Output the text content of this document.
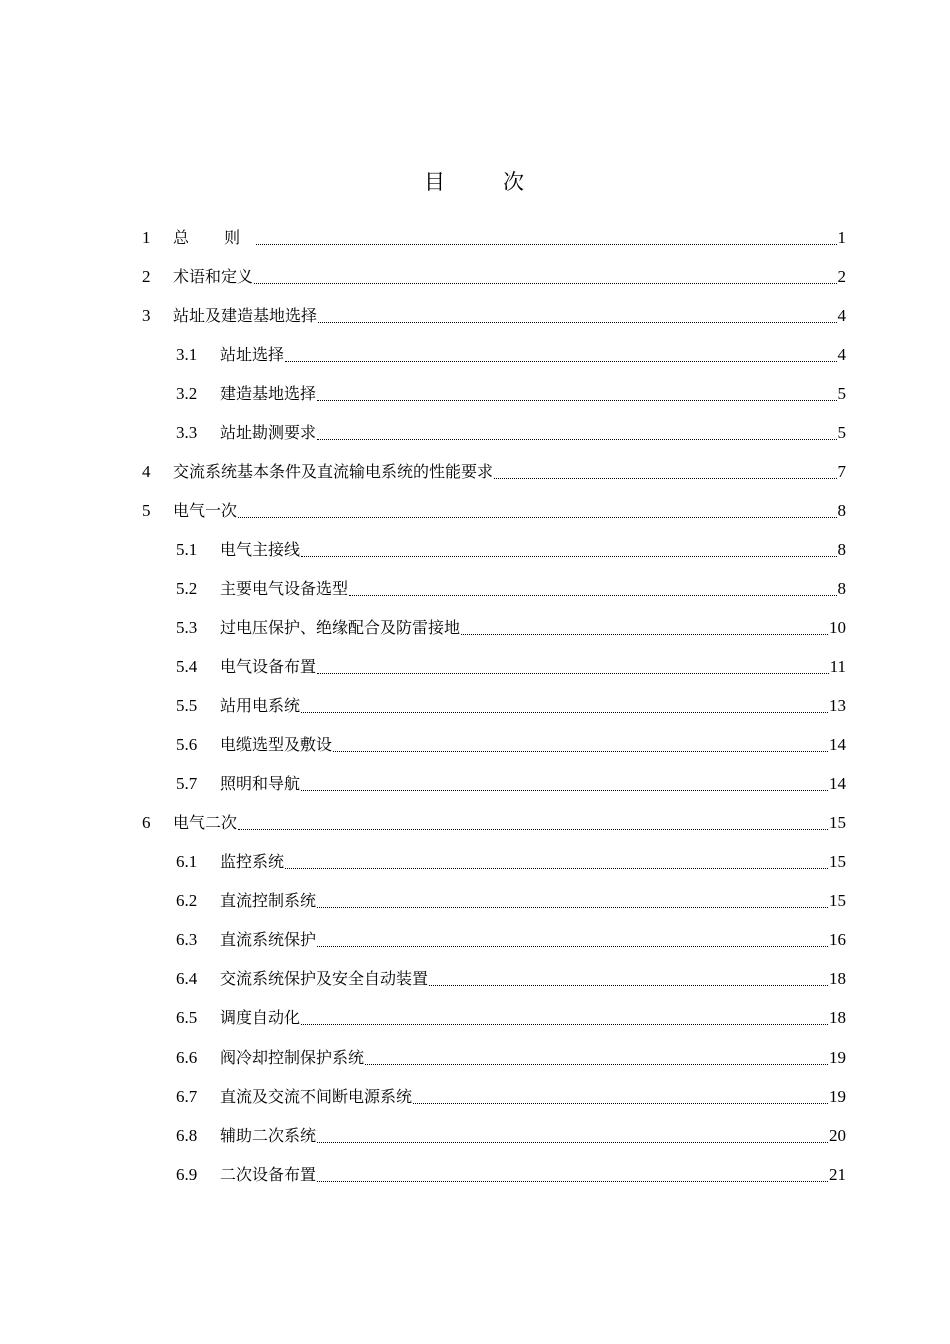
目	次
1 总 则	1
2 术语和定义	2
3 站址及建造基地选择	4
3.1 站址选择	4
3.2 建造基地选择	5
3.3 站址勘测要求	5
4 交流系统基本条件及直流输电系统的性能要求	7
5 电气一次	8
5.1 电气主接线	8
5.2 主要电气设备选型	8
5.3 过电压保护、绝缘配合及防雷接地	10
5.4 电气设备布置	11
5.5 站用电系统	13
5.6 电缆选型及敷设	14
5.7 照明和导航	14
6 电气二次	15
6.1 监控系统	15
6.2 直流控制系统	15
6.3 直流系统保护	16
6.4 交流系统保护及安全自动装置	18
6.5 调度自动化	18
6.6 阀冷却控制保护系统	19
6.7 直流及交流不间断电源系统	19
6.8 辅助二次系统	20
6.9 二次设备布置	21
